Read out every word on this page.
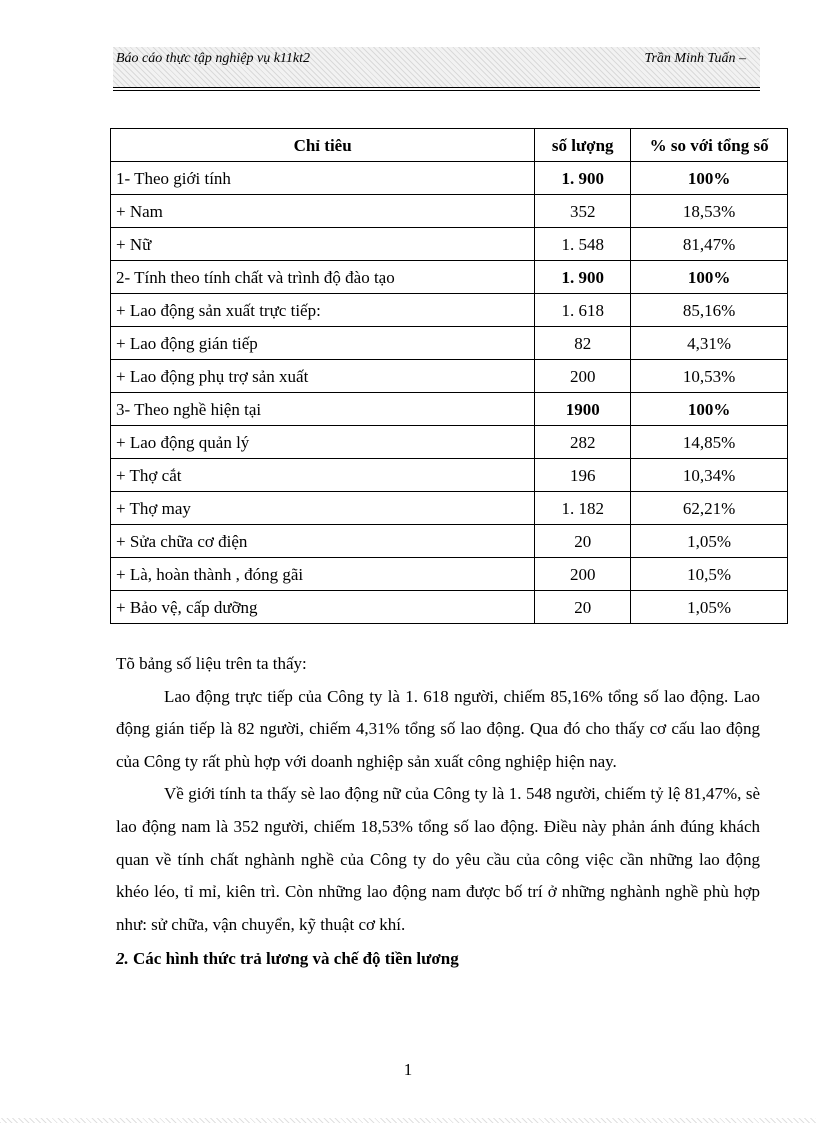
Báo cáo thực tập nghiệp vụ k11kt2	Trần Minh Tuấn –
Chỉ tiêu	số lượng	% so với tổng số
1- Theo giới tính	1. 900	100%
+ Nam	352	18,53%
+ Nữ	1. 548	81,47%
2- Tính theo tính chất và trình độ đào tạo	1. 900	100%
+ Lao động sản xuất trực tiếp:	1. 618	85,16%
+ Lao động gián tiếp	82	4,31%
+ Lao động phụ trợ sản xuất	200	10,53%
3- Theo nghề hiện tại	1900	100%
+ Lao động quản lý	282	14,85%
+ Thợ cắt	196	10,34%
+ Thợ may	1. 182	62,21%
+ Sửa chữa cơ điện	20	1,05%
+ Là, hoàn thành , đóng gãi	200	10,5%
+ Bảo vệ, cấp dưỡng	20	1,05%

Tõ bảng số liệu trên ta thấy:

Lao động trực tiếp của Công ty là 1. 618 người, chiếm 85,16% tổng số lao động. Lao động gián tiếp là 82 người, chiếm 4,31% tổng số lao động. Qua đó cho thấy cơ cấu lao động của Công ty rất phù hợp với doanh nghiệp sản xuất công nghiệp hiện nay.

Về giới tính ta thấy sè lao động nữ của Công ty là 1. 548 người, chiếm tỷ lệ 81,47%, sè lao động nam là 352 người, chiếm 18,53% tổng số lao động. Điều này phản ánh đúng khách quan về tính chất nghành nghề của Công ty do yêu cầu của công việc cần những lao động khéo léo, tỉ mỉ, kiên trì. Còn những lao động nam được bố trí ở những nghành nghề phù hợp như: sử chữa, vận chuyển, kỹ thuật cơ khí.

2. Các hình thức trả lương và chế độ tiền lương

1
